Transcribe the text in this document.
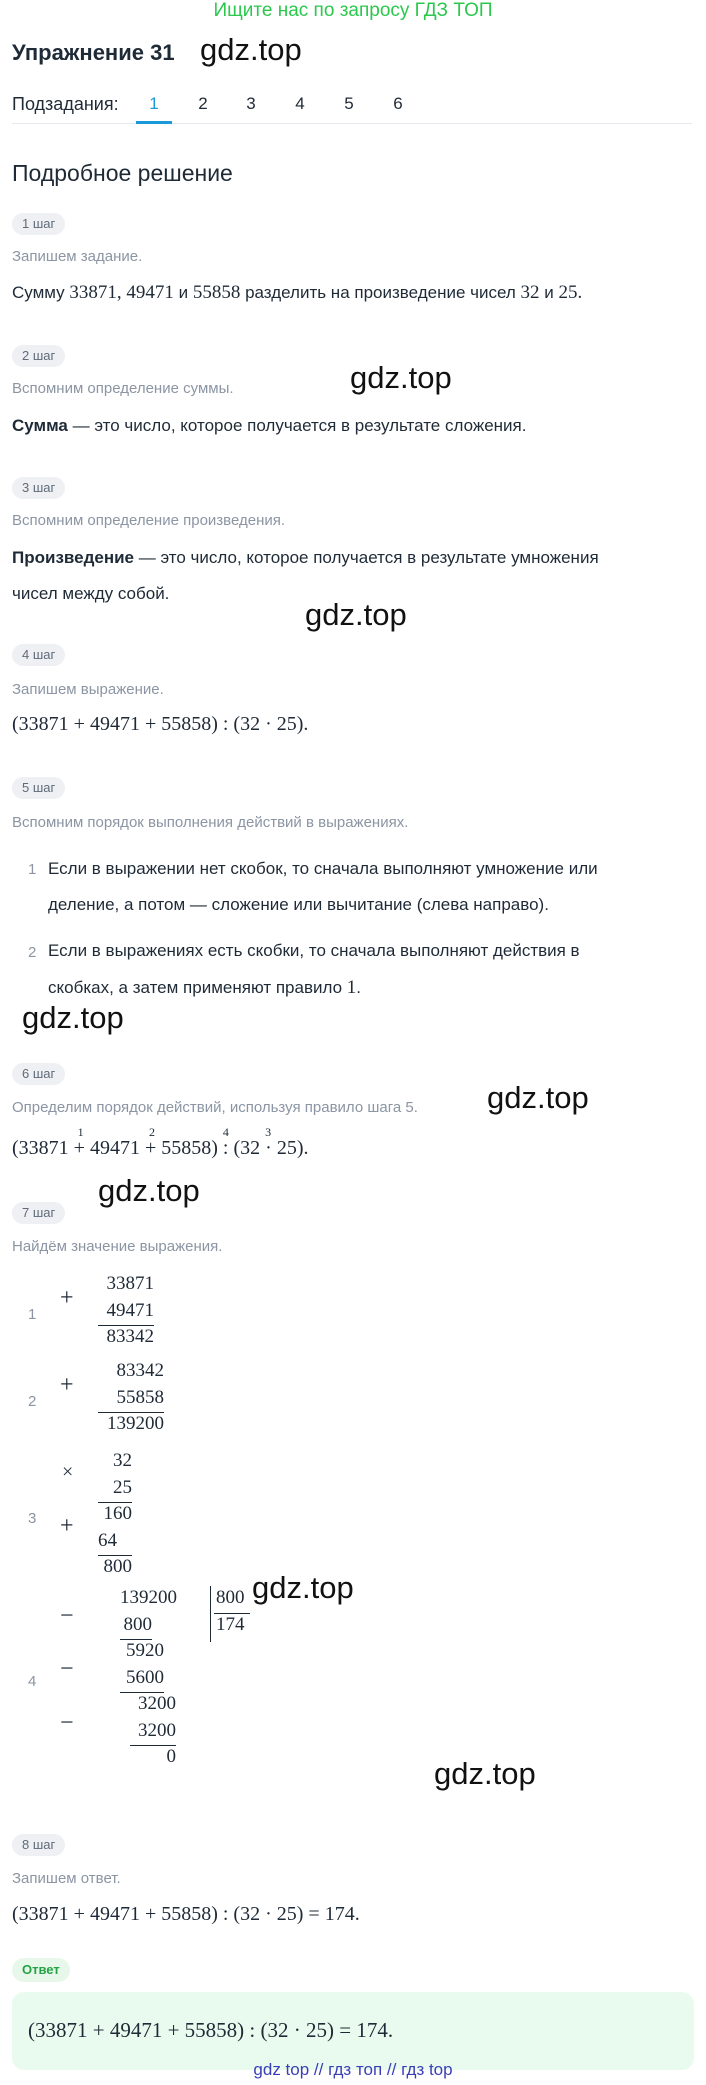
Ищите нас по запросу ГДЗ ТОП
Упражнение 31 gdz.top
Подзадания:	1	2	3	4	5	6
Подробное решение
1 шаг
Запишем задание.
Сумму 33871, 49471 и 55858 разделить на произведение чисел 32 и 25.
2 шаг
gdz.top
Вспомним определение суммы.
Сумма — это число, которое получается в результате сложения.
3 шаг
Вспомним определение произведения.
Произведение — это число, которое получается в результате умножения
чисел между собой.
gdz.top
4 шаг
Запишем выражение.
(33871 + 49471 + 55858) : (32 · 25).
5 шаг
Вспомним порядок выполнения действий в выражениях.
1 Если в выражении нет скобок, то сначала выполняют умножение или
деление, а потом — сложение или вычитание (слева направо).
2 Если в выражениях есть скобки, то сначала выполняют действия в
скобках, а затем применяют правило 1.
gdz.top
6 шаг
gdz.top
Определим порядок действий, используя правило шага 5.
(33871
1
+ 49471
2
+ 55858)
4
: (32
3
· 25).
gdz.top
7 шаг
Найдём значение выражения.
1
+
33871
49471
83342
2
+
83342
55858
139200
3
×
+
32
25
160
64
800
4
−
−
−
139200
800
5920
5600
3200
3200
0
800
174
gdz.top
gdz.top
8 шаг
Запишем ответ.
(33871 + 49471 + 55858) : (32 · 25) = 174.
Ответ
(33871 + 49471 + 55858) : (32 · 25) = 174.
gdz top // гдз топ // гдз top
